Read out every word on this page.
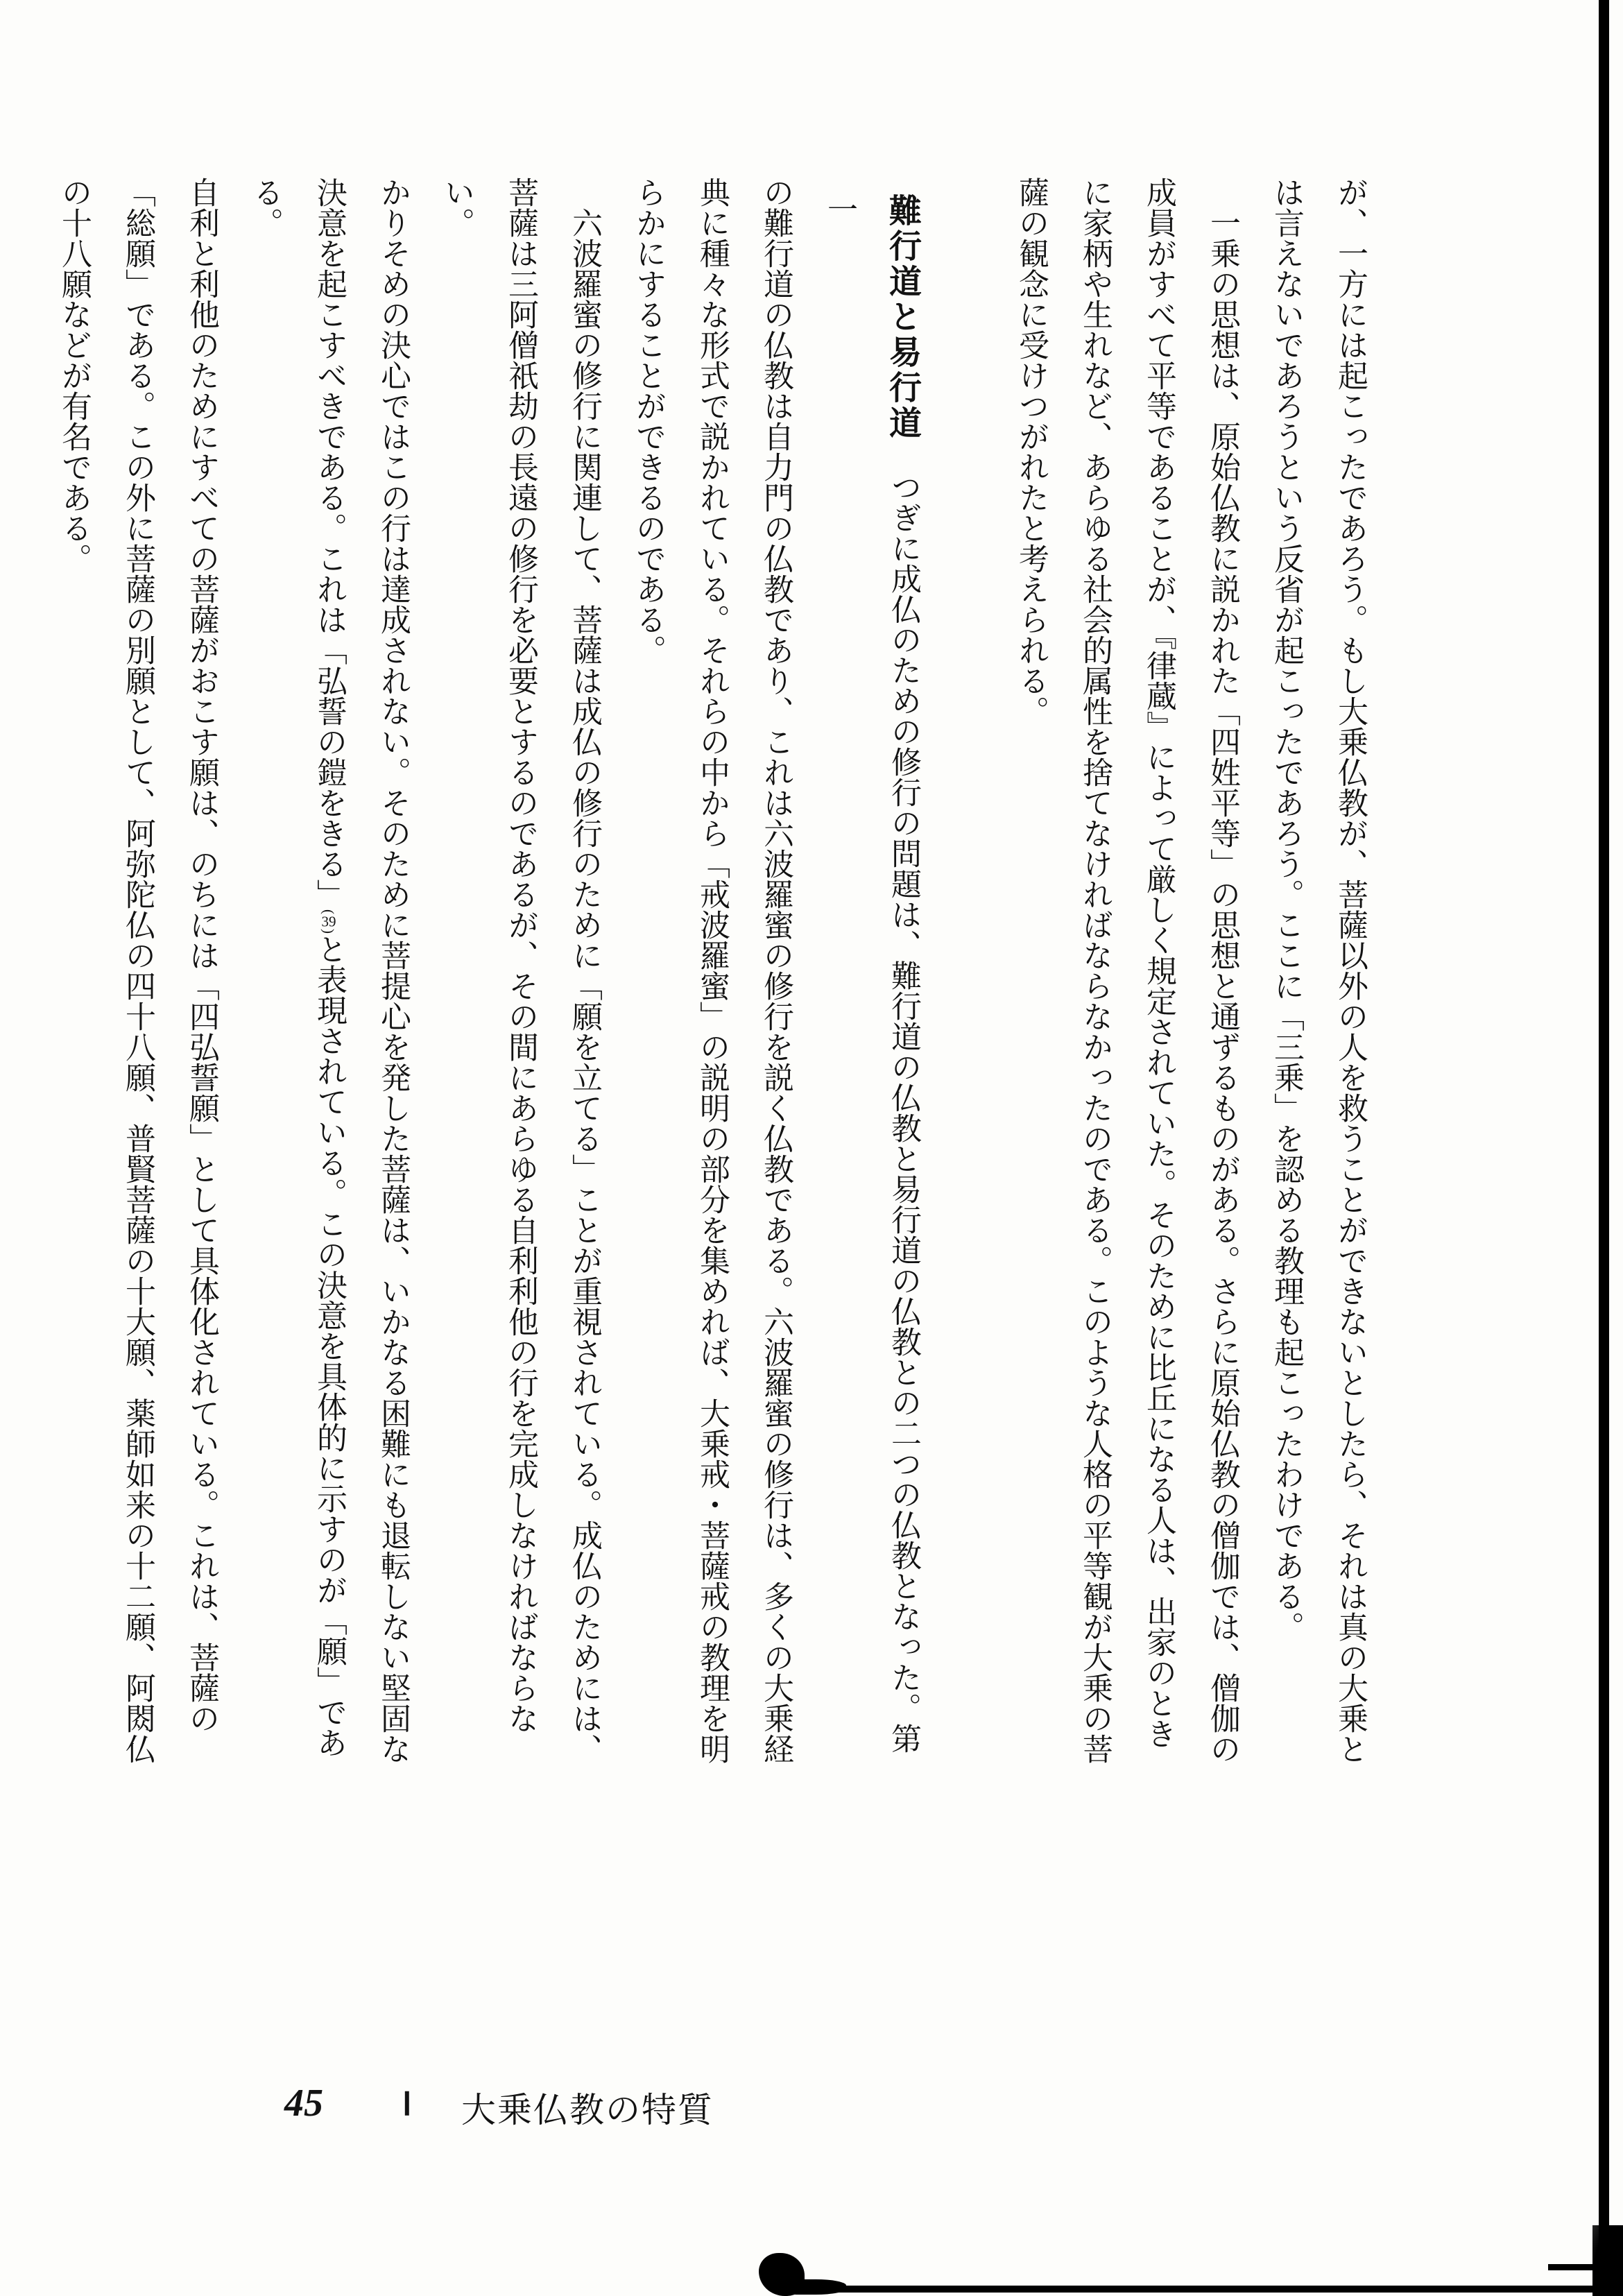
が、一方には起こったであろう。もし大乗仏教が、菩薩以外の人を救うことができないとしたら、それは真の大乗と

は言えないであろうという反省が起こったであろう。ここに「三乗」を認める教理も起こったわけである。

　一乗の思想は、原始仏教に説かれた「四姓平等」の思想と通ずるものがある。さらに原始仏教の僧伽では、僧伽の

成員がすべて平等であることが、『律蔵』によって厳しく規定されていた。そのために比丘になる人は、出家のとき

に家柄や生れなど、あらゆる社会的属性を捨てなければならなかったのである。このような人格の平等観が大乗の菩

薩の観念に受けつがれたと考えられる。

難行道と易行道　つぎに成仏のための修行の問題は、難行道の仏教と易行道の仏教との二つの仏教となった。第一

の難行道の仏教は自力門の仏教であり、これは六波羅蜜の修行を説く仏教である。六波羅蜜の修行は、多くの大乗経

典に種々な形式で説かれている。それらの中から「戒波羅蜜」の説明の部分を集めれば、大乗戒・菩薩戒の教理を明

らかにすることができるのである。

　六波羅蜜の修行に関連して、菩薩は成仏の修行のために「願を立てる」ことが重視されている。成仏のためには、

菩薩は三阿僧祇劫の長遠の修行を必要とするのであるが、その間にあらゆる自利利他の行を完成しなければならない。

かりそめの決心ではこの行は達成されない。そのために菩提心を発した菩薩は、いかなる困難にも退転しない堅固な

決意を起こすべきである。これは「弘誓の鎧をきる」(39)と表現されている。この決意を具体的に示すのが「願」である。

自利と利他のためにすべての菩薩がおこす願は、のちには「四弘誓願」として具体化されている。これは、菩薩の

「総願」である。この外に菩薩の別願として、阿弥陀仏の四十八願、普賢菩薩の十大願、薬師如来の十二願、阿閦仏

の十八願などが有名である。

45 Ⅰ 大乗仏教の特質
